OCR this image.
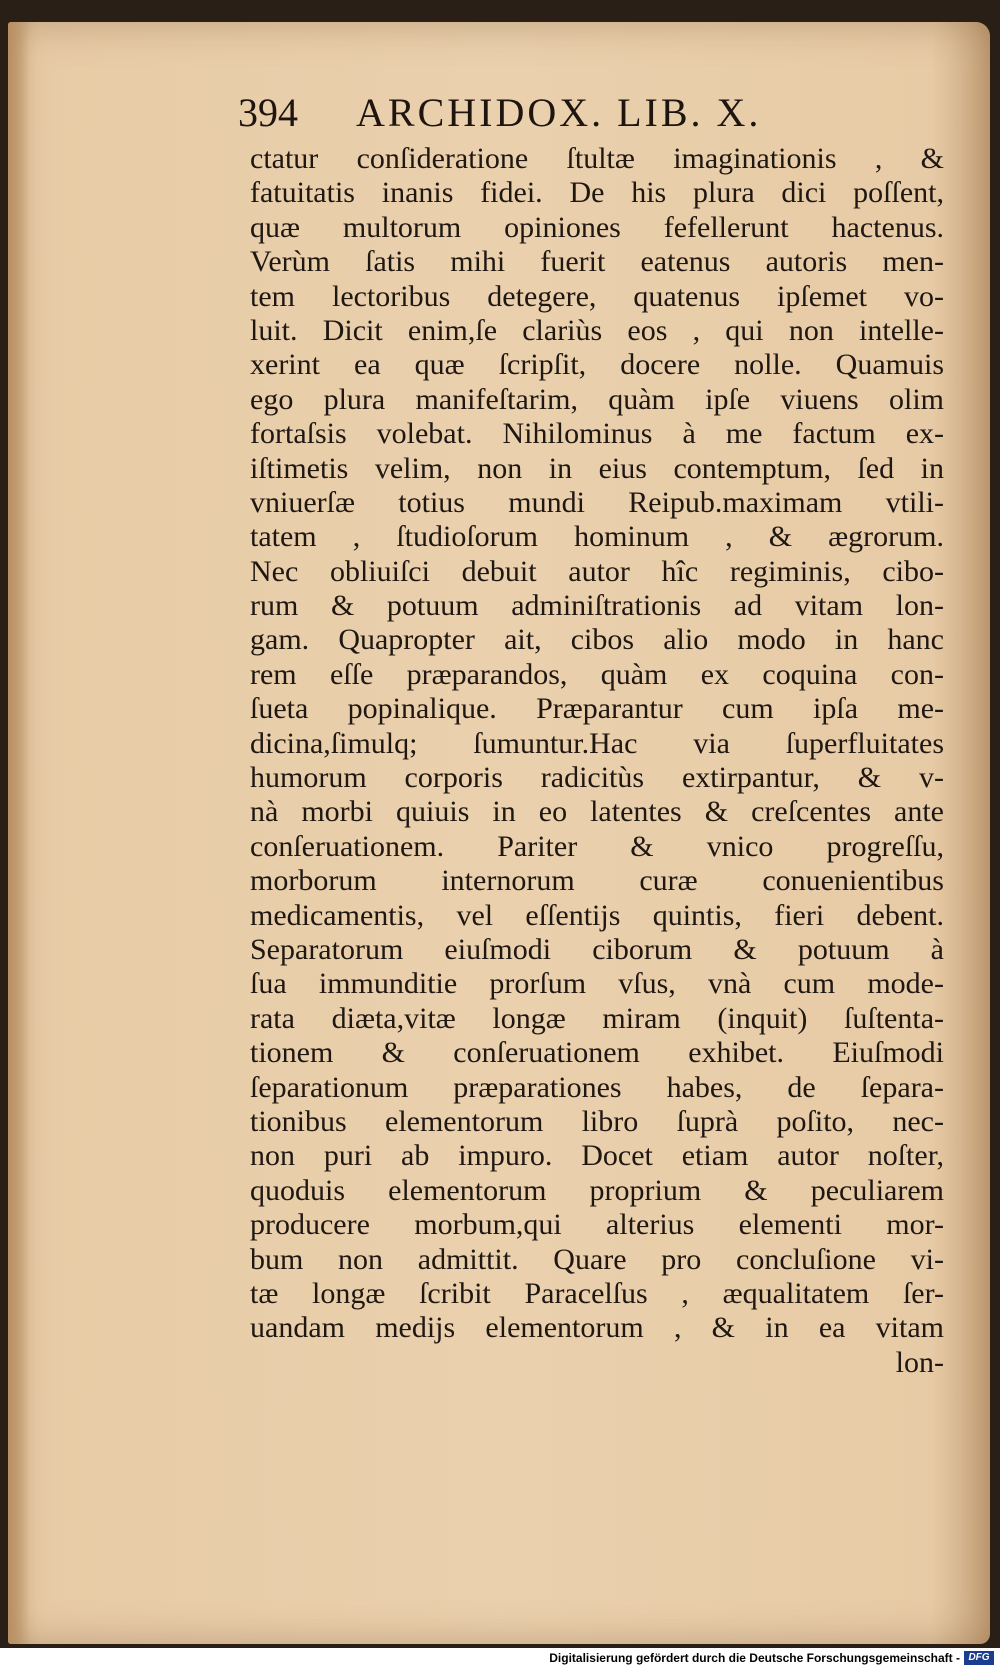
394 ARCHIDOX. LIB. X.
ctatur conſideratione ſtultæ imaginationis , &
fatuitatis inanis fidei. De his plura dici poſſent,
quæ multorum opiniones fefellerunt hactenus.
Verùm ſatis mihi fuerit eatenus autoris men-
tem lectoribus detegere, quatenus ipſemet vo-
luit. Dicit enim,ſe clariùs eos , qui non intelle-
xerint ea quæ ſcripſit, docere nolle. Quamuis
ego plura manifeſtarim, quàm ipſe viuens olim
fortaſsis volebat. Nihilominus à me factum ex-
iſtimetis velim, non in eius contemptum, ſed in
vniuerſæ totius mundi Reipub.maximam vtili-
tatem , ſtudioſorum hominum , & ægrorum.
Nec obliuiſci debuit autor hîc regiminis, cibo-
rum & potuum adminiſtrationis ad vitam lon-
gam. Quapropter ait, cibos alio modo in hanc
rem eſſe præparandos, quàm ex coquina con-
ſueta popinalique. Præparantur cum ipſa me-
dicina,ſimulq; ſumuntur.Hac via ſuperfluitates
humorum corporis radicitùs extirpantur, & v-
nà morbi quiuis in eo latentes & creſcentes ante
conſeruationem. Pariter & vnico progreſſu,
morborum internorum curæ conuenientibus
medicamentis, vel eſſentijs quintis, fieri debent.
Separatorum eiuſmodi ciborum & potuum à
ſua immunditie prorſum vſus, vnà cum mode-
rata diæta,vitæ longæ miram (inquit) ſuſtenta-
tionem & conſeruationem exhibet. Eiuſmodi
ſeparationum præparationes habes, de ſepara-
tionibus elementorum libro ſuprà poſito, nec-
non puri ab impuro. Docet etiam autor noſter,
quoduis elementorum proprium & peculiarem
producere morbum,qui alterius elementi mor-
bum non admittit. Quare pro concluſione vi-
tæ longæ ſcribit Paracelſus , æqualitatem ſer-
uandam medijs elementorum , & in ea vitam
lon-
Digitalisierung gefördert durch die Deutsche Forschungsgemeinschaft - DFG
